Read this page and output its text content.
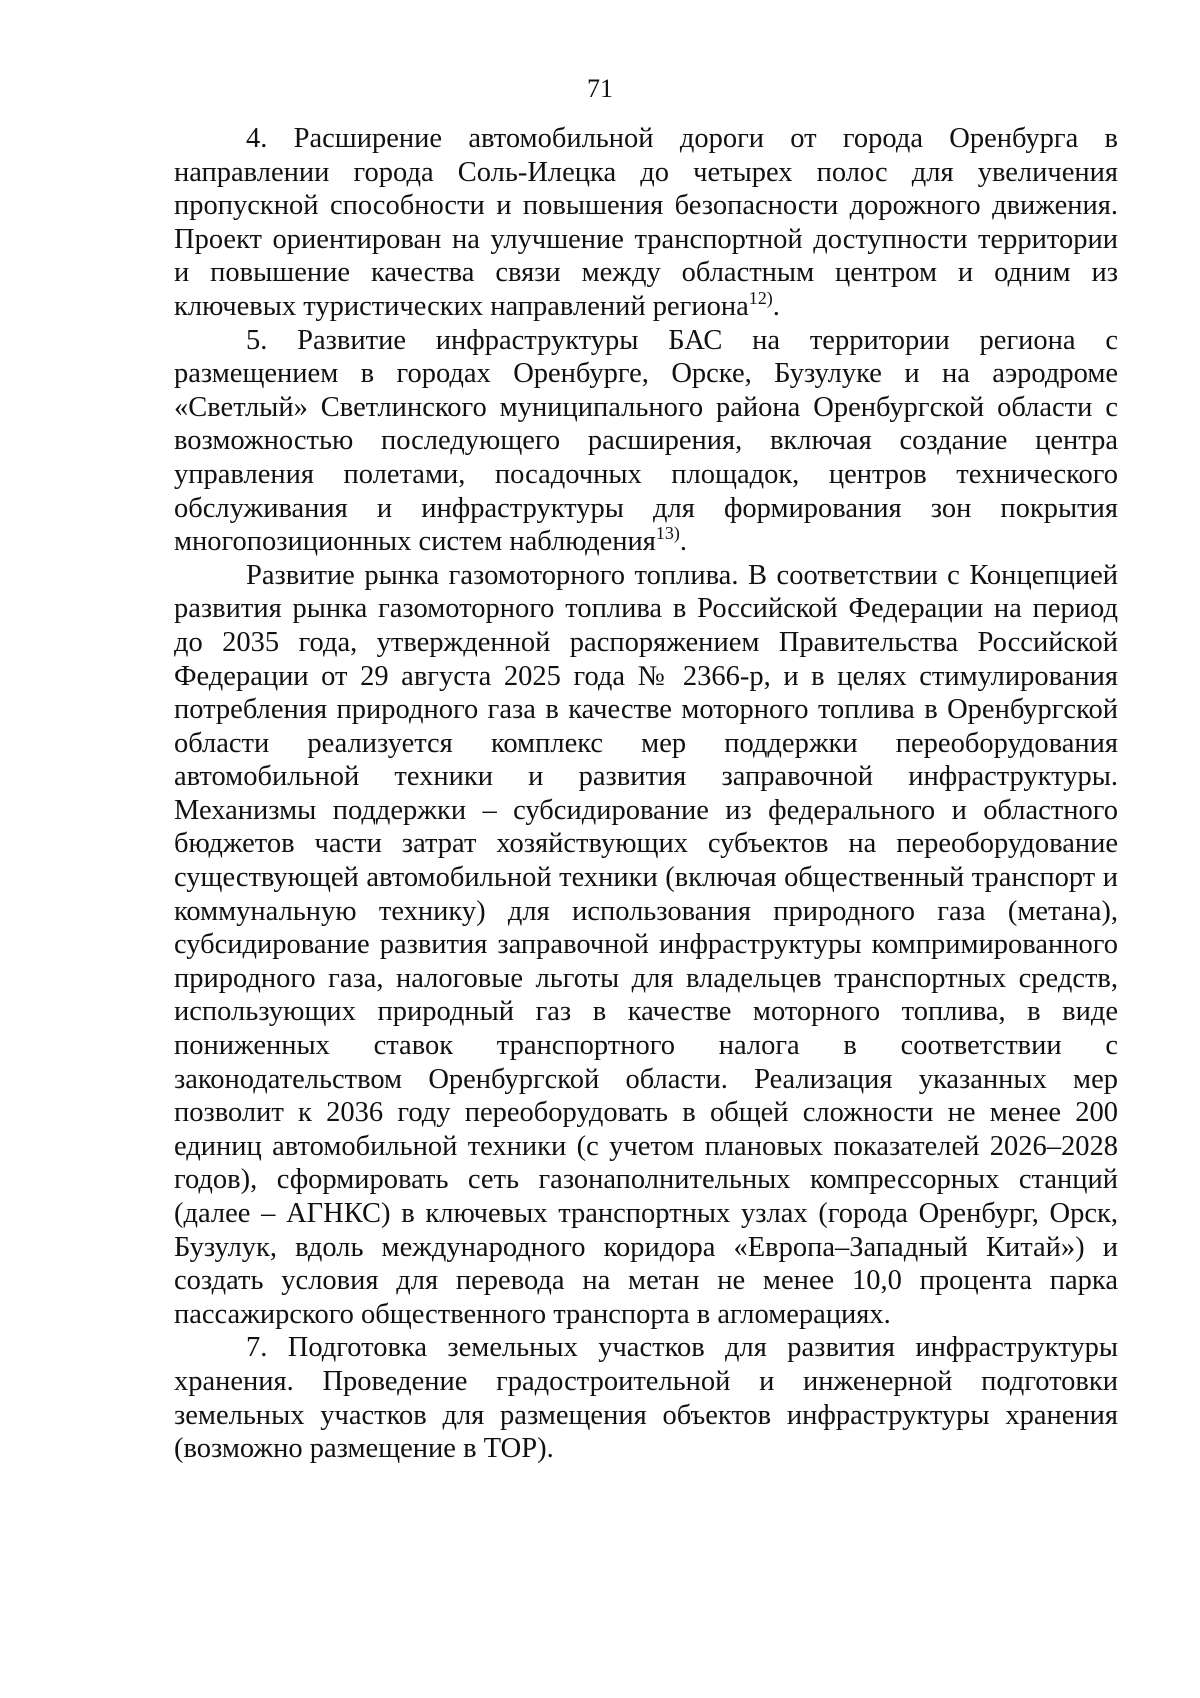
71

4. Расширение автомобильной дороги от города Оренбурга в направлении города Соль-Илецка до четырех полос для увеличения пропускной способности и повышения безопасности дорожного движения. Проект ориентирован на улучшение транспортной доступности территории и повышение качества связи между областным центром и одним из ключевых туристических направлений региона$^{12)}$.

5. Развитие инфраструктуры БАС на территории региона с размещением в городах Оренбурге, Орске, Бузулуке и на аэродроме «Светлый» Светлинского муниципального района Оренбургской области с возможностью последующего расширения, включая создание центра управления полетами, посадочных площадок, центров технического обслуживания и инфраструктуры для формирования зон покрытия многопозиционных систем наблюдения$^{13)}$.

Развитие рынка газомоторного топлива. В соответствии с Концепцией развития рынка газомоторного топлива в Российской Федерации на период до 2035 года, утвержденной распоряжением Правительства Российской Федерации от 29 августа 2025 года № 2366-р, и в целях стимулирования потребления природного газа в качестве моторного топлива в Оренбургской области реализуется комплекс мер поддержки переоборудования автомобильной техники и развития заправочной инфраструктуры. Механизмы поддержки – субсидирование из федерального и областного бюджетов части затрат хозяйствующих субъектов на переоборудование существующей автомобильной техники (включая общественный транспорт и коммунальную технику) для использования природного газа (метана), субсидирование развития заправочной инфраструктуры компримированного природного газа, налоговые льготы для владельцев транспортных средств, использующих природный газ в качестве моторного топлива, в виде пониженных ставок транспортного налога в соответствии с законодательством Оренбургской области. Реализация указанных мер позволит к 2036 году переоборудовать в общей сложности не менее 200 единиц автомобильной техники (с учетом плановых показателей 2026–2028 годов), сформировать сеть газонаполнительных компрессорных станций (далее – АГНКС) в ключевых транспортных узлах (города Оренбург, Орск, Бузулук, вдоль международного коридора «Европа–Западный Китай») и создать условия для перевода на метан не менее 10,0 процента парка пассажирского общественного транспорта в агломерациях.

7. Подготовка земельных участков для развития инфраструктуры хранения. Проведение градостроительной и инженерной подготовки земельных участков для размещения объектов инфраструктуры хранения (возможно размещение в ТОР).
